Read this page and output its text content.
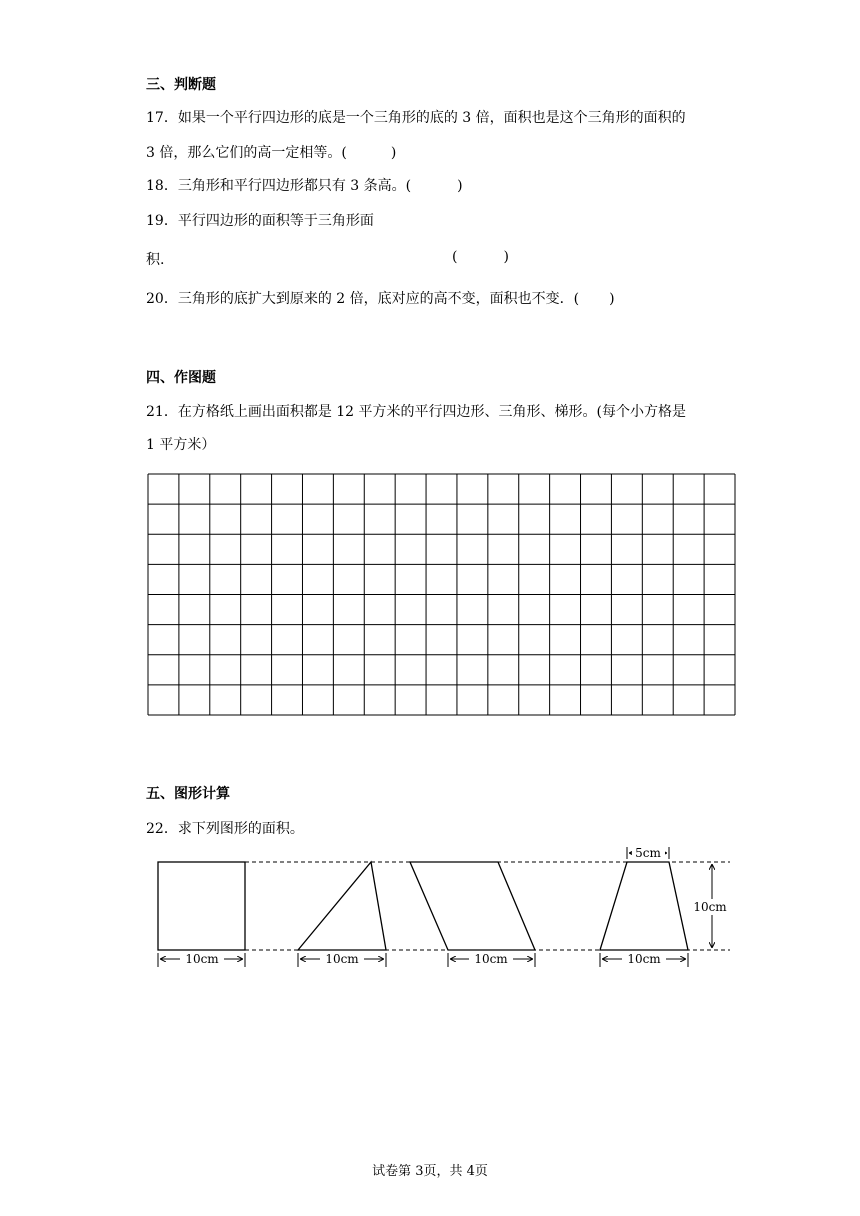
三、判断题
17．如果一个平行四边形的底是一个三角形的底的 3 倍，面积也是这个三角形的面积的
3 倍，那么它们的高一定相等。(	)
18．三角形和平行四边形都只有 3 条高。(	)
19．平行四边形的面积等于三角形面
积.	(	)
20．三角形的底扩大到原来的 2 倍，底对应的高不变，面积也不变．( )
四、作图题
21．在方格纸上画出面积都是 12 平方米的平行四边形、三角形、梯形。(每个小方格是
1 平方米）
五、图形计算
22．求下列图形的面积。
10cm	10cm	10cm
5cm
10cm
10cm
试卷第 3页，共 4页
